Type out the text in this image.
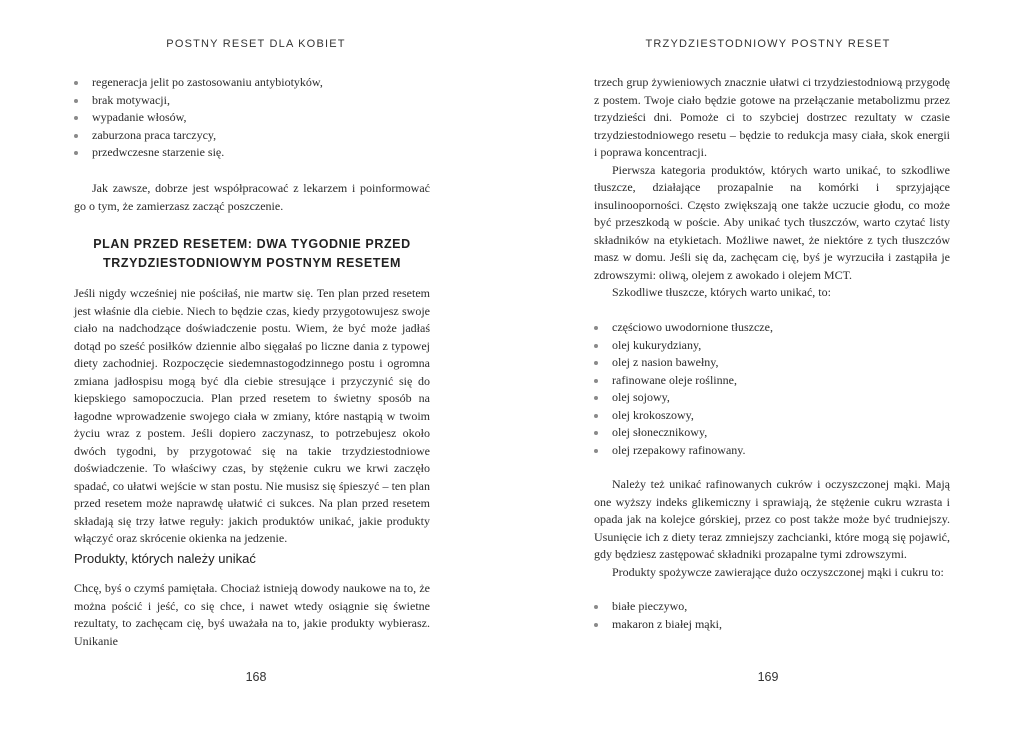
POSTNY RESET DLA KOBIET
regeneracja jelit po zastosowaniu antybiotyków,
brak motywacji,
wypadanie włosów,
zaburzona praca tarczycy,
przedwczesne starzenie się.

Jak zawsze, dobrze jest współpracować z lekarzem i poinformować go o tym, że zamierzasz zacząć poszczenie.

PLAN PRZED RESETEM: DWA TYGODNIE PRZED
TRZYDZIESTODNIOWYM POSTNYM RESETEM

Jeśli nigdy wcześniej nie pościłaś, nie martw się. Ten plan przed resetem jest właśnie dla ciebie. Niech to będzie czas, kiedy przygotowujesz swoje ciało na nadchodzące doświadczenie postu. Wiem, że być może jadłaś dotąd po sześć posiłków dziennie albo sięgałaś po liczne dania z typowej diety zachodniej. Rozpoczęcie siedemnastogodzinnego postu i ogromna zmiana jadłospisu mogą być dla ciebie stresujące i przyczynić się do kiepskiego samopoczucia. Plan przed resetem to świetny sposób na łagodne wprowadzenie swojego ciała w zmiany, które nastąpią w twoim życiu wraz z postem. Jeśli dopiero zaczynasz, to potrzebujesz około dwóch tygodni, by przygotować się na takie trzydziestodniowe doświadczenie. To właściwy czas, by stężenie cukru we krwi zaczęło spadać, co ułatwi wejście w stan postu. Nie musisz się śpieszyć – ten plan przed resetem może naprawdę ułatwić ci sukces. Na plan przed resetem składają się trzy łatwe reguły: jakich produktów unikać, jakie produkty włączyć oraz skrócenie okienka na jedzenie.

Produkty, których należy unikać

Chcę, byś o czymś pamiętała. Chociaż istnieją dowody naukowe na to, że można pościć i jeść, co się chce, i nawet wtedy osiągnie się świetne rezultaty, to zachęcam cię, byś uważała na to, jakie produkty wybierasz. Unikanie

168
TRZYDZIESTODNIOWY POSTNY RESET

trzech grup żywieniowych znacznie ułatwi ci trzydziestodniową przygodę z postem. Twoje ciało będzie gotowe na przełączanie metabolizmu przez trzydzieści dni. Pomoże ci to szybciej dostrzec rezultaty w czasie trzydziestodniowego resetu – będzie to redukcja masy ciała, skok energii i poprawa koncentracji.

Pierwsza kategoria produktów, których warto unikać, to szkodliwe tłuszcze, działające prozapalnie na komórki i sprzyjające insulinooporności. Często zwiększają one także uczucie głodu, co może być przeszkodą w poście. Aby unikać tych tłuszczów, warto czytać listy składników na etykietach. Możliwe nawet, że niektóre z tych tłuszczów masz w domu. Jeśli się da, zachęcam cię, byś je wyrzuciła i zastąpiła je zdrowszymi: oliwą, olejem z awokado i olejem MCT.

Szkodliwe tłuszcze, których warto unikać, to:

częściowo uwodornione tłuszcze,
olej kukurydziany,
olej z nasion bawełny,
rafinowane oleje roślinne,
olej sojowy,
olej krokoszowy,
olej słonecznikowy,
olej rzepakowy rafinowany.

Należy też unikać rafinowanych cukrów i oczyszczonej mąki. Mają one wyższy indeks glikemiczny i sprawiają, że stężenie cukru wzrasta i opada jak na kolejce górskiej, przez co post także może być trudniejszy. Usunięcie ich z diety teraz zmniejszy zachcianki, które mogą się pojawić, gdy będziesz zastępować składniki prozapalne tymi zdrowszymi.

Produkty spożywcze zawierające dużo oczyszczonej mąki i cukru to:

białe pieczywo,
makaron z białej mąki,
169
